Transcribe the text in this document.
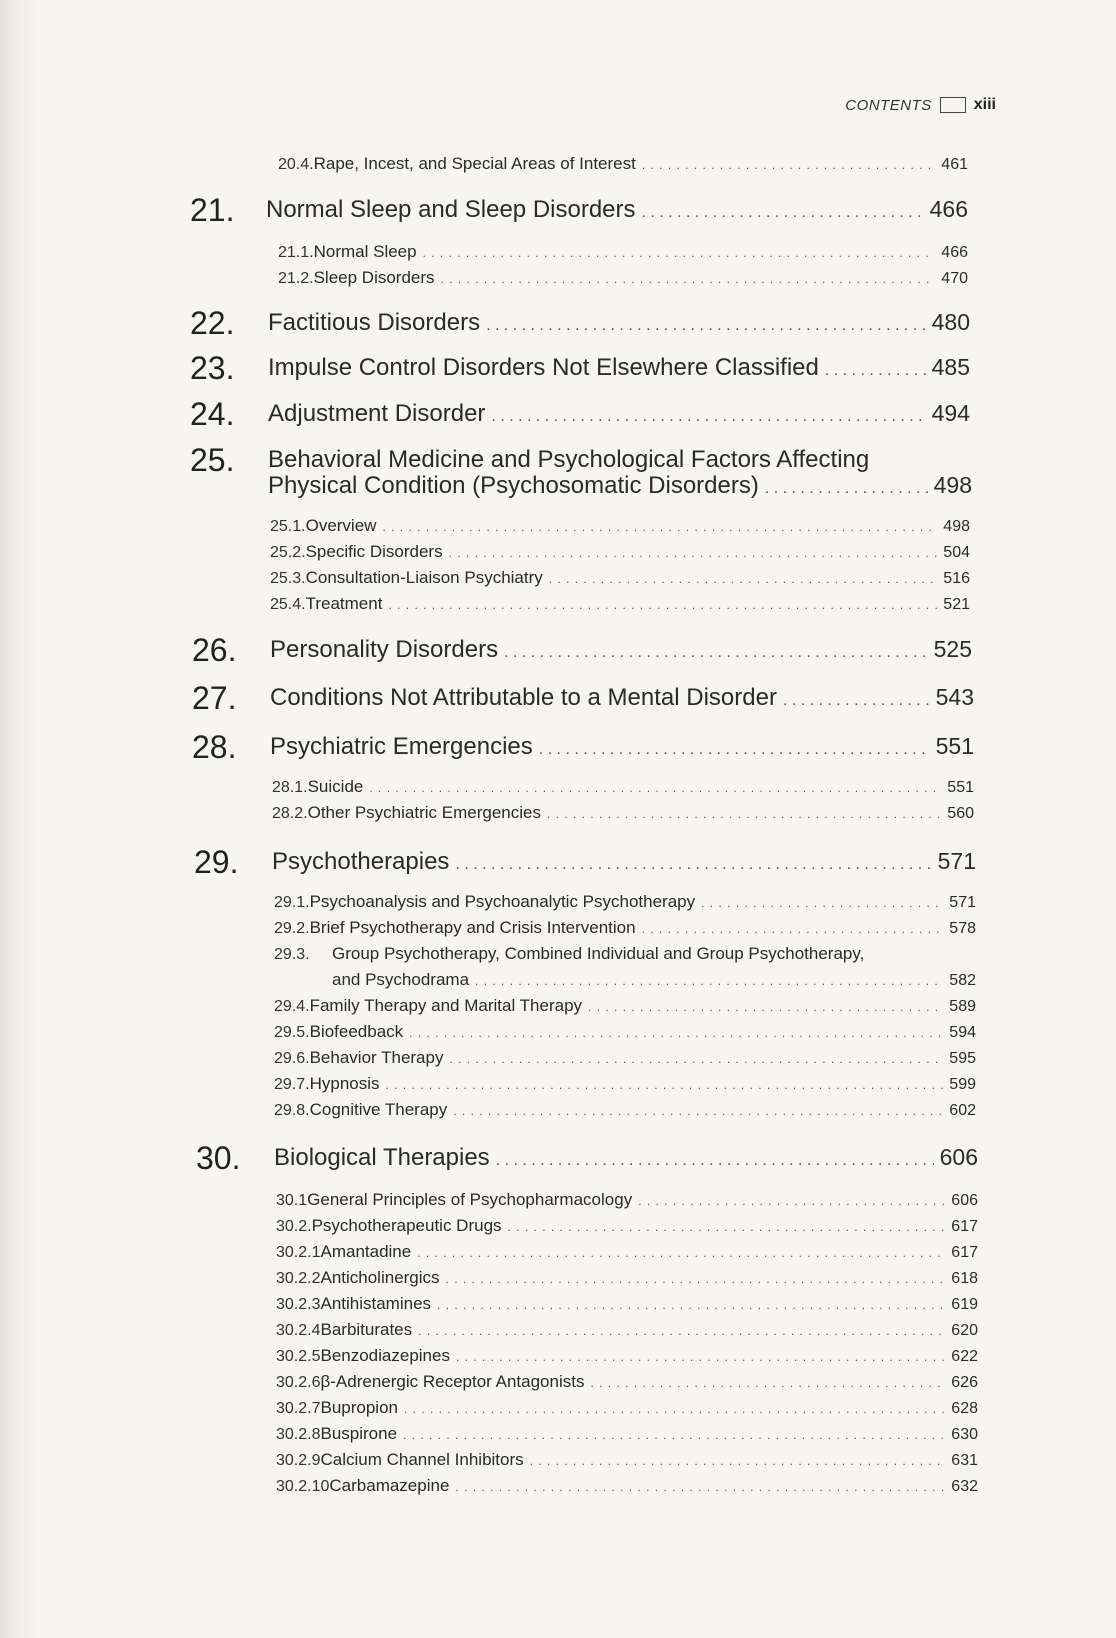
CONTENTS	xiii
20.4. Rape, Incest, and Special Areas of Interest . . .	461
21. Normal Sleep and Sleep Disorders . . .	466
21.1. Normal Sleep . . .	466
21.2. Sleep Disorders . . .	470
22. Factitious Disorders . . .	480
23. Impulse Control Disorders Not Elsewhere Classified . . .	485
24. Adjustment Disorder . . .	494
25. Behavioral Medicine and Psychological Factors Affecting
Physical Condition (Psychosomatic Disorders) . . .	498
25.1. Overview . . .	498
25.2. Specific Disorders . . .	504
25.3. Consultation-Liaison Psychiatry . . .	516
25.4. Treatment . . .	521
26. Personality Disorders . . .	525
27. Conditions Not Attributable to a Mental Disorder . . .	543
28. Psychiatric Emergencies . . .	551
28.1. Suicide . . .	551
28.2. Other Psychiatric Emergencies . . .	560
29. Psychotherapies . . .	571
29.1. Psychoanalysis and Psychoanalytic Psychotherapy . . .	571
29.2. Brief Psychotherapy and Crisis Intervention . . .	578
29.3. Group Psychotherapy, Combined Individual and Group Psychotherapy,
and Psychodrama . . .	582
29.4. Family Therapy and Marital Therapy . . .	589
29.5. Biofeedback . . .	594
29.6. Behavior Therapy . . .	595
29.7. Hypnosis . . .	599
29.8. Cognitive Therapy . . .	602
30. Biological Therapies . . .	606
30.1 General Principles of Psychopharmacology . . .	606
30.2. Psychotherapeutic Drugs . . .	617
30.2.1 Amantadine . . .	617
30.2.2 Anticholinergics . . .	618
30.2.3 Antihistamines . . .	619
30.2.4 Barbiturates . . .	620
30.2.5 Benzodiazepines . . .	622
30.2.6 β-Adrenergic Receptor Antagonists . . .	626
30.2.7 Bupropion . . .	628
30.2.8 Buspirone . . .	630
30.2.9 Calcium Channel Inhibitors . . .	631
30.2.10 Carbamazepine . . .	632
